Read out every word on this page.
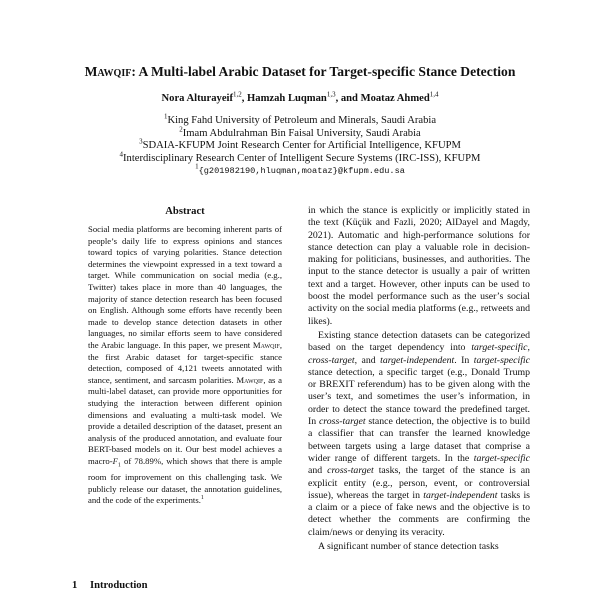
Mawqif: A Multi-label Arabic Dataset for Target-specific Stance Detection
Nora Alturayeif$^{1,2}$, Hamzah Luqman$^{1,3}$, and Moataz Ahmed$^{1,4}$
$^1$King Fahd University of Petroleum and Minerals, Saudi Arabia
$^2$Imam Abdulrahman Bin Faisal University, Saudi Arabia
$^3$SDAIA-KFUPM Joint Research Center for Artificial Intelligence, KFUPM
$^4$Interdisciplinary Research Center of Intelligent Secure Systems (IRC-ISS), KFUPM
$^1${g201982190,hluqman,moataz}@kfupm.edu.sa
Abstract
Social media platforms are becoming inherent parts of people’s daily life to express opinions and stances toward topics of varying polarities. Stance detection determines the viewpoint expressed in a text toward a target. While communication on social media (e.g., Twitter) takes place in more than 40 languages, the majority of stance detection research has been focused on English. Although some efforts have recently been made to develop stance detection datasets in other languages, no similar efforts seem to have considered the Arabic language. In this paper, we present Mawqif, the first Arabic dataset for target-specific stance detection, composed of 4,121 tweets annotated with stance, sentiment, and sarcasm polarities. Mawqif, as a multi-label dataset, can provide more opportunities for studying the interaction between different opinion dimensions and evaluating a multi-task model. We provide a detailed description of the dataset, present an analysis of the produced annotation, and evaluate four BERT-based models on it. Our best model achieves a macro-$F_1$ of 78.89%, which shows that there is ample room for improvement on this challenging task. We publicly release our dataset, the annotation guidelines, and the code of the experiments.$^1$
1 Introduction

in which the stance is explicitly or implicitly stated in the text (Küçük and Fazli, 2020; AlDayel and Magdy, 2021). Automatic and high-performance solutions for stance detection can play a valuable role in decision-making for politicians, businesses, and authorities. The input to the stance detector is usually a pair of written text and a target. However, other inputs can be used to boost the model performance such as the user’s social activity on the social media platforms (e.g., retweets and likes).

Existing stance detection datasets can be categorized based on the target dependency into target-specific, cross-target, and target-independent. In target-specific stance detection, a specific target (e.g., Donald Trump or BREXIT referendum) has to be given along with the user’s text, and sometimes the user’s information, in order to detect the stance toward the predefined target. In cross-target stance detection, the objective is to build a classifier that can transfer the learned knowledge between targets using a large dataset that comprise a wider range of different targets. In the target-specific and cross-target tasks, the target of the stance is an explicit entity (e.g., person, event, or controversial issue), whereas the target in target-independent tasks is a claim or a piece of fake news and the objective is to detect whether the comments are confirming the claim/news or denying its veracity.

A significant number of stance detection tasks
